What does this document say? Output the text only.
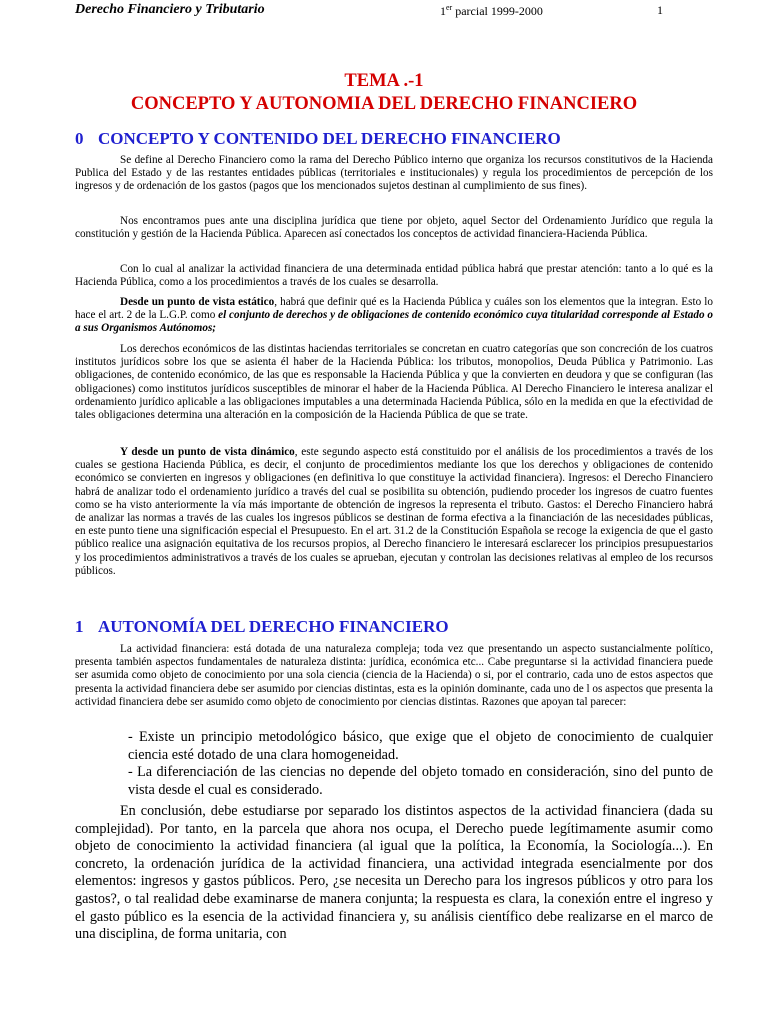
Derecho Financiero y Tributario	1er parcial 1999-2000	1
TEMA .-1
CONCEPTO Y AUTONOMIA DEL DERECHO FINANCIERO
0 CONCEPTO Y CONTENIDO DEL DERECHO FINANCIERO

Se define al Derecho Financiero como la rama del Derecho Público interno que organiza los recursos constitutivos de la Hacienda Publica del Estado y de las restantes entidades públicas (territoriales e institucionales) y regula los procedimientos de percepción de los ingresos y de ordenación de los gastos (pagos que los mencionados sujetos destinan al cumplimiento de sus fines).

Nos encontramos pues ante una disciplina jurídica que tiene por objeto, aquel Sector del Ordenamiento Jurídico que regula la constitución y gestión de la Hacienda Pública. Aparecen así conectados los conceptos de actividad financiera-Hacienda Pública.

Con lo cual al analizar la actividad financiera de una determinada entidad pública habrá que prestar atención: tanto a lo qué es la Hacienda Pública, como a los procedimientos a través de los cuales se desarrolla.

Desde un punto de vista estático, habrá que definir qué es la Hacienda Pública y cuáles son los elementos que la integran. Esto lo hace el art. 2 de la L.G.P. como el conjunto de derechos y de obligaciones de contenido económico cuya titularidad corresponde al Estado o a sus Organismos Autónomos;

Los derechos económicos de las distintas haciendas territoriales se concretan en cuatro categorías que son concreción de los cuatros institutos jurídicos sobre los que se asienta él haber de la Hacienda Pública: los tributos, monopolios, Deuda Pública y Patrimonio. Las obligaciones, de contenido económico, de las que es responsable la Hacienda Pública y que la convierten en deudora y que se configuran (las obligaciones) como institutos jurídicos susceptibles de minorar el haber de la Hacienda Pública. Al Derecho Financiero le interesa analizar el ordenamiento jurídico aplicable a las obligaciones imputables a una determinada Hacienda Pública, sólo en la medida en que la efectividad de tales obligaciones determina una alteración en la composición de la Hacienda Pública de que se trate.

Y desde un punto de vista dinámico, este segundo aspecto está constituido por el análisis de los procedimientos a través de los cuales se gestiona Hacienda Pública, es decir, el conjunto de procedimientos mediante los que los derechos y obligaciones de contenido económico se convierten en ingresos y obligaciones (en definitiva lo que constituye la actividad financiera). Ingresos: el Derecho Financiero habrá de analizar todo el ordenamiento jurídico a través del cual se posibilita su obtención, pudiendo proceder los ingresos de cuatro fuentes como se ha visto anteriormente la vía más importante de obtención de ingresos la representa el tributo. Gastos: el Derecho Financiero habrá de analizar las normas a través de las cuales los ingresos públicos se destinan de forma efectiva a la financiación de las necesidades públicas, en este punto tiene una significación especial el Presupuesto. En el art. 31.2 de la Constitución Española se recoge la exigencia de que el gasto público realice una asignación equitativa de los recursos propios, al Derecho financiero le interesará esclarecer los principios presupuestarios y los procedimientos administrativos a través de los cuales se aprueban, ejecutan y controlan las decisiones relativas al empleo de los recursos públicos.

1 AUTONOMÍA DEL DERECHO FINANCIERO

La actividad financiera: está dotada de una naturaleza compleja; toda vez que presentando un aspecto sustancialmente político, presenta también aspectos fundamentales de naturaleza distinta: jurídica, económica etc... Cabe preguntarse si la actividad financiera puede ser asumida como objeto de conocimiento por una sola ciencia (ciencia de la Hacienda) o si, por el contrario, cada uno de estos aspectos que presenta la actividad financiera debe ser asumido por ciencias distintas, esta es la opinión dominante, cada uno de l os aspectos que presenta la actividad financiera debe ser asumido como objeto de conocimiento por ciencias distintas. Razones que apoyan tal parecer:

- Existe un principio metodológico básico, que exige que el objeto de conocimiento de cualquier ciencia esté dotado de una clara homogeneidad.
- La diferenciación de las ciencias no depende del objeto tomado en consideración, sino del punto de vista desde el cual es considerado.

En conclusión, debe estudiarse por separado los distintos aspectos de la actividad financiera (dada su complejidad). Por tanto, en la parcela que ahora nos ocupa, el Derecho puede legítimamente asumir como objeto de conocimiento la actividad financiera (al igual que la política, la Economía, la Sociología...). En concreto, la ordenación jurídica de la actividad financiera, una actividad integrada esencialmente por dos elementos: ingresos y gastos públicos. Pero, ¿se necesita un Derecho para los ingresos públicos y otro para los gastos?, o tal realidad debe examinarse de manera conjunta; la respuesta es clara, la conexión entre el ingreso y el gasto público es la esencia de la actividad financiera y, su análisis científico debe realizarse en el marco de una disciplina, de forma unitaria, con
